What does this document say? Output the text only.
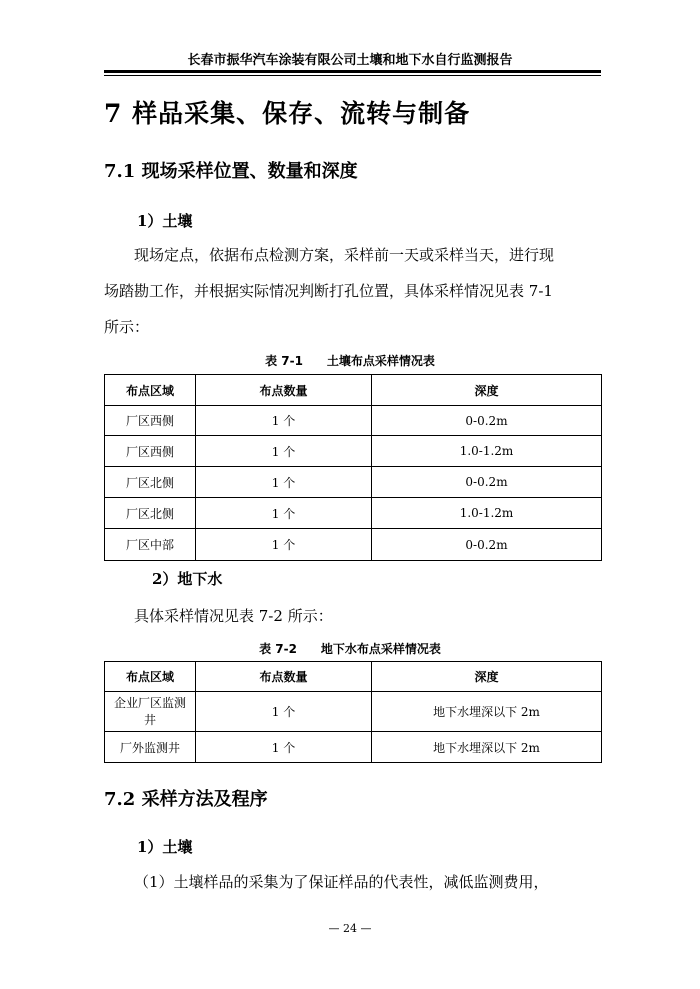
长春市振华汽车涂装有限公司土壤和地下水自行监测报告
7 样品采集、保存、流转与制备
7.1 现场采样位置、数量和深度
1）土壤
现场定点，依据布点检测方案，采样前一天或采样当天，进行现
场踏勘工作，并根据实际情况判断打孔位置，具体采样情况见表 7-1
所示：
表 7-1　　土壤布点采样情况表
布点区域	布点数量	深度
厂区西侧	1 个	0-0.2m
厂区西侧	1 个	1.0-1.2m
厂区北侧	1 个	0-0.2m
厂区北侧	1 个	1.0-1.2m
厂区中部	1 个	0-0.2m
2）地下水
具体采样情况见表 7-2 所示：
表 7-2　　地下水布点采样情况表
布点区域	布点数量	深度
企业厂区监测井	1 个	地下水埋深以下 2m
厂外监测井	1 个	地下水埋深以下 2m
7.2 采样方法及程序
1）土壤
（1）土壤样品的采集为了保证样品的代表性，减低监测费用，
— 24 —
